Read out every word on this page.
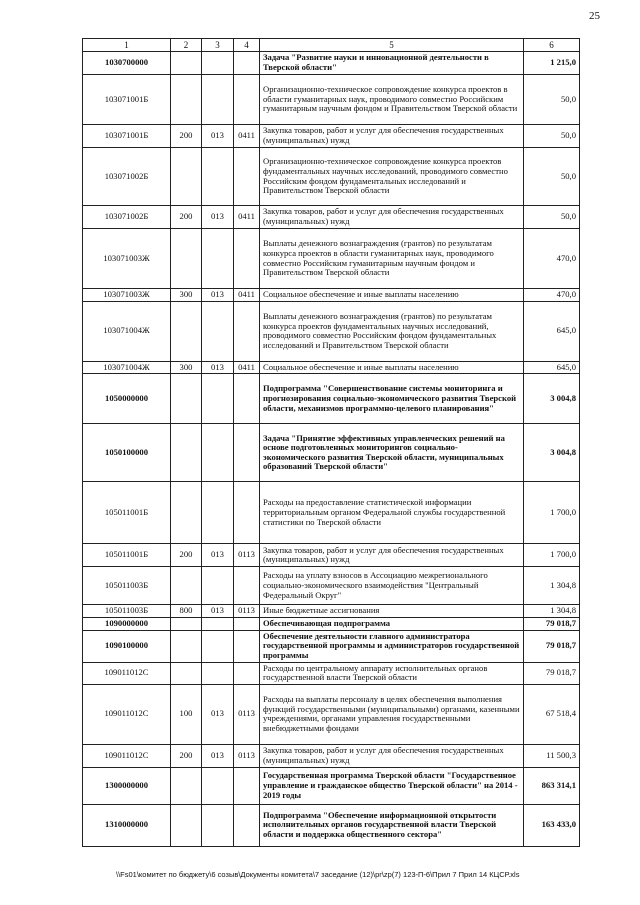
25
1	2	3	4	5	6
1030700000				Задача "Развитие науки и инновационной деятельности в Тверской области"	1 215,0
103071001Б				Организационно-техническое сопровождение конкурса проектов в области гуманитарных наук, проводимого совместно Российским гуманитарным научным фондом и Правительством Тверской области	50,0
103071001Б	200	013	0411	Закупка товаров, работ и услуг для обеспечения государственных (муниципальных) нужд	50,0
103071002Б				Организационно-техническое сопровождение конкурса проектов фундаментальных научных исследований, проводимого совместно Российским фондом фундаментальных исследований и Правительством Тверской области	50,0
103071002Б	200	013	0411	Закупка товаров, работ и услуг для обеспечения государственных (муниципальных) нужд	50,0
103071003Ж				Выплаты денежного вознаграждения (грантов) по результатам конкурса проектов в области гуманитарных наук, проводимого совместно Российским гуманитарным научным фондом и Правительством Тверской области	470,0
103071003Ж	300	013	0411	Социальное обеспечение и иные выплаты населению	470,0
103071004Ж				Выплаты денежного вознаграждения (грантов) по результатам конкурса проектов фундаментальных научных исследований, проводимого совместно Российским фондом фундаментальных исследований и Правительством Тверской области	645,0
103071004Ж	300	013	0411	Социальное обеспечение и иные выплаты населению	645,0
1050000000				Подпрограмма "Совершенствование системы мониторинга и прогнозирования социально-экономического развития Тверской области, механизмов программно-целевого планирования"	3 004,8
1050100000				Задача "Принятие эффективных управленческих решений на основе подготовленных мониторингов социально-экономического развития Тверской области, муниципальных образований Тверской области"	3 004,8
105011001Б				Расходы на предоставление статистической информации территориальным органом Федеральной службы государственной статистики по Тверской области	1 700,0
105011001Б	200	013	0113	Закупка товаров, работ и услуг для обеспечения государственных (муниципальных) нужд	1 700,0
105011003Б				Расходы на уплату взносов в Ассоциацию межрегионального социально-экономического взаимодействия "Центральный Федеральный Округ"	1 304,8
105011003Б	800	013	0113	Иные бюджетные ассигнования	1 304,8
1090000000				Обеспечивающая подпрограмма	79 018,7
1090100000				Обеспечение деятельности главного администратора государственной программы и администраторов государственной программы	79 018,7
109011012С				Расходы по центральному аппарату исполнительных органов государственной власти Тверской области	79 018,7
109011012С	100	013	0113	Расходы на выплаты персоналу в целях обеспечения выполнения функций государственными (муниципальными) органами, казенными учреждениями, органами управления государственными внебюджетными фондами	67 518,4
109011012С	200	013	0113	Закупка товаров, работ и услуг для обеспечения государственных (муниципальных) нужд	11 500,3
1300000000				Государственная программа Тверской области "Государственное управление и гражданское общество Тверской области" на 2014 - 2019 годы	863 314,1
1310000000				Подпрограмма "Обеспечение информационной открытости исполнительных органов государственной власти Тверской области и поддержка общественного сектора"	163 433,0
\\Fs01\комитет по бюджету\6 созыв\Документы комитета\7 заседание (12)\pr\zp(7) 123-П-6\Прил 7 Прил 14 КЦСР.xls
